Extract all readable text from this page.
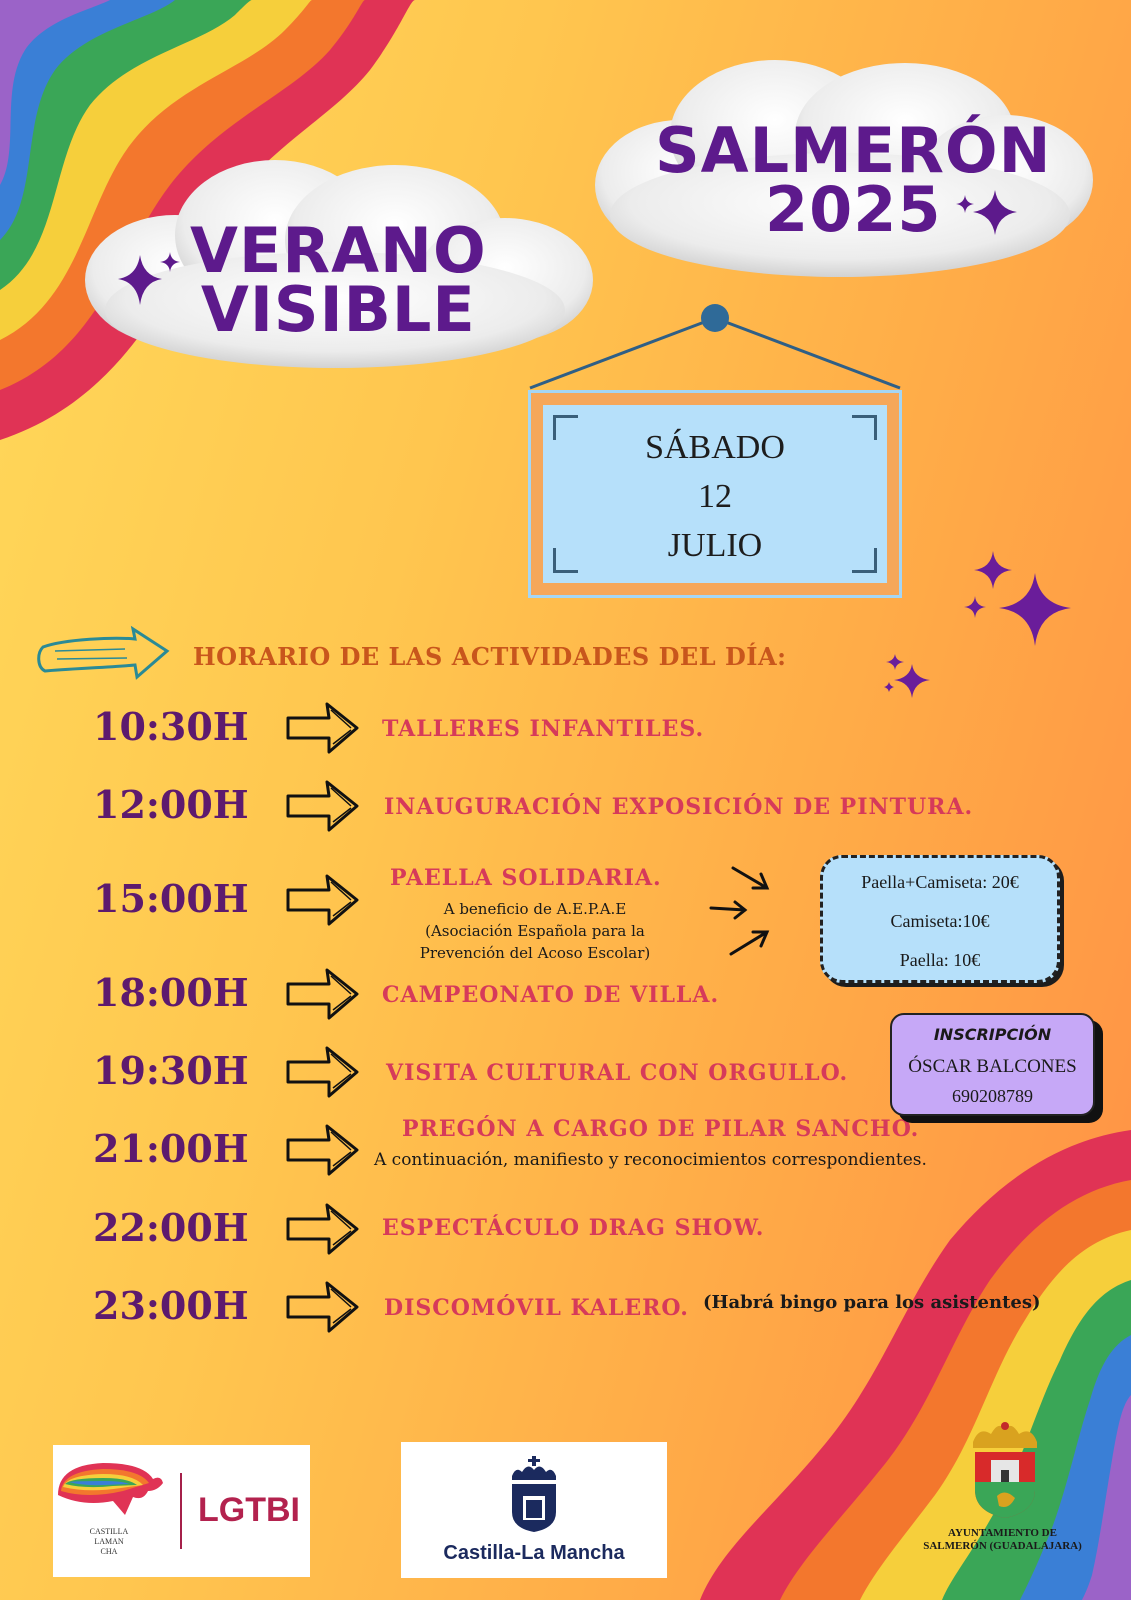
VERANO
VISIBLE
SALMERÓN
2025
SÁBADO
12
JULIO
HORARIO DE LAS ACTIVIDADES DEL DÍA:
10:30H	TALLERES INFANTILES.
12:00H	INAUGURACIÓN EXPOSICIÓN DE PINTURA.
15:00H	PAELLA SOLIDARIA.
A beneficio de A.E.P.A.E
(Asociación Española para la
Prevención del Acoso Escolar)
18:00H	CAMPEONATO DE VILLA.
19:30H	VISITA CULTURAL CON ORGULLO.
21:00H	PREGÓN A CARGO DE PILAR SANCHO.
A continuación, manifiesto y reconocimientos correspondientes.
22:00H	ESPECTÁCULO DRAG SHOW.
23:00H	DISCOMÓVIL KALERO. (Habrá bingo para los asistentes)
Paella+Camiseta: 20€
Camiseta:10€
Paella: 10€
INSCRIPCIÓN
ÓSCAR BALCONES
690208789
CASTILLA
LAMAN
CHA
LGTBI
Castilla-La Mancha
AYUNTAMIENTO DE
SALMERÓN (GUADALAJARA)
